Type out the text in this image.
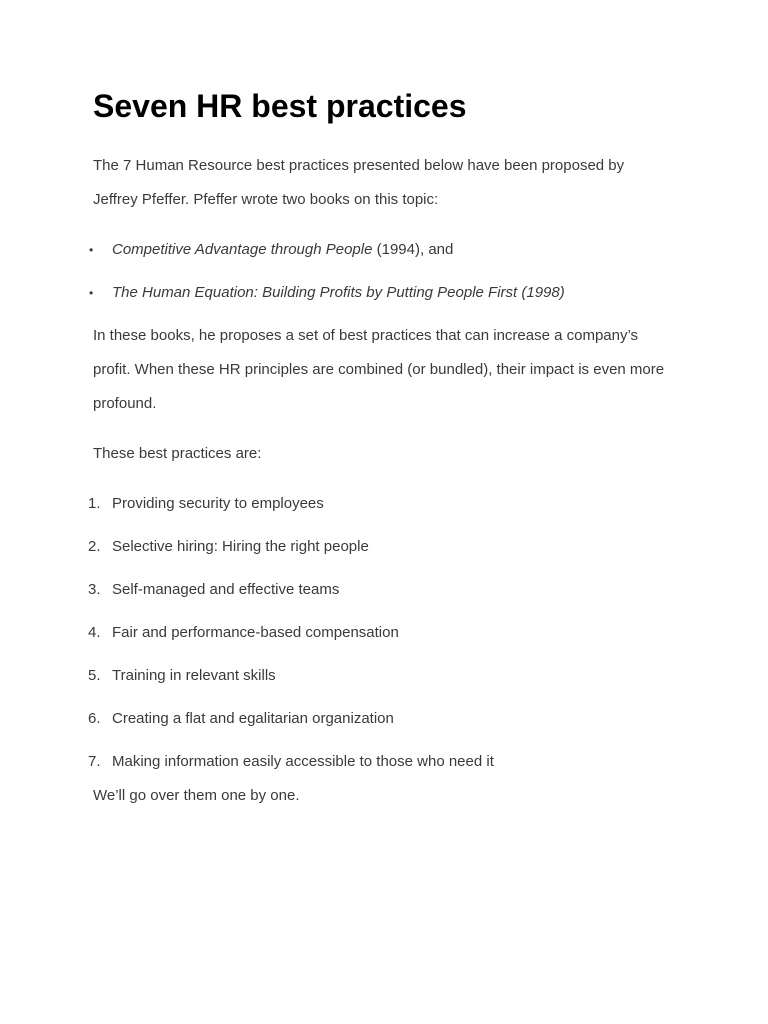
Seven HR best practices

The 7 Human Resource best practices presented below have been proposed by Jeffrey Pfeffer. Pfeffer wrote two books on this topic:

• Competitive Advantage through People (1994), and
• The Human Equation: Building Profits by Putting People First (1998)

In these books, he proposes a set of best practices that can increase a company’s profit. When these HR principles are combined (or bundled), their impact is even more profound.

These best practices are:

1. Providing security to employees
2. Selective hiring: Hiring the right people
3. Self-managed and effective teams
4. Fair and performance-based compensation
5. Training in relevant skills
6. Creating a flat and egalitarian organization
7. Making information easily accessible to those who need it

We’ll go over them one by one.
